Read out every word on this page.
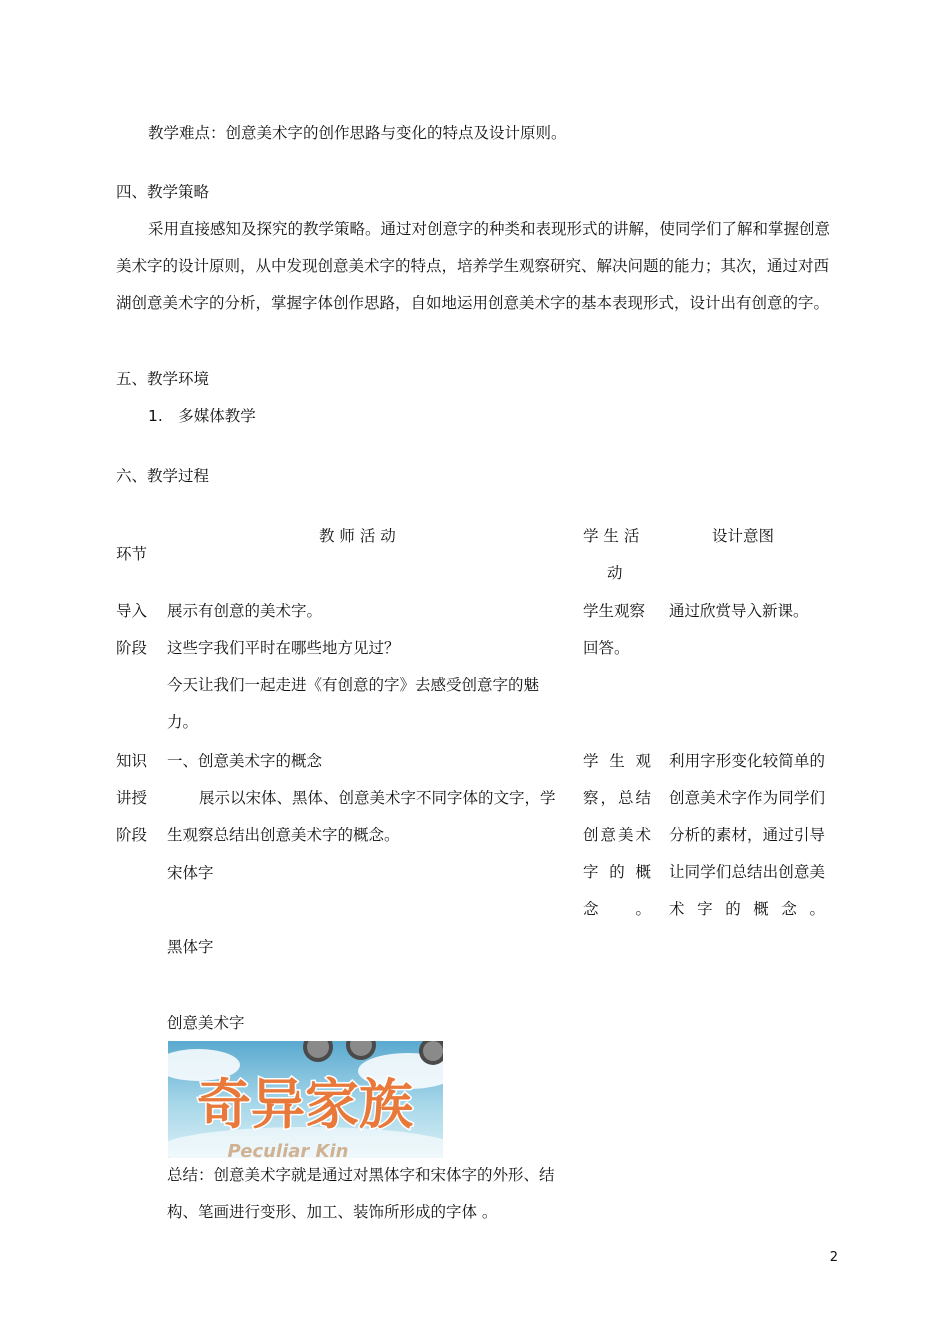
教学难点：创意美术字的创作思路与变化的特点及设计原则。
四、教学策略

采用直接感知及探究的教学策略。通过对创意字的种类和表现形式的讲解，使同学们了解和掌握创意美术字的设计原则，从中发现创意美术字的特点，培养学生观察研究、解决问题的能力；其次，通过对西湖创意美术字的分析，掌握字体创作思路，自如地运用创意美术字的基本表现形式，设计出有创意的字。

五、教学环境
1.　多媒体教学
六、教学过程
环节
教 师 活 动	学 生 活
动
设计意图
导入
阶段
展示有创意的美术字。
这些字我们平时在哪些地方见过？
今天让我们一起走进《有创意的字》去感受创意字的魅力。
学生观察
回答。
通过欣赏导入新课。
知识
讲授
阶段
一、创意美术字的概念
展示以宋体、黑体、创意美术字不同字体的文字，学生观察总结出创意美术字的概念。
宋体字
黑体字
创意美术字
奇异家族
Peculiar Kin
总结：创意美术字就是通过对黑体字和宋体字的外形、结构、笔画进行变形、加工、装饰所形成的字体 。
学生观察，总结创意美术字的概念。
利用字形变化较简单的创意美术字作为同学们分析的素材，通过引导让同学们总结出创意美术字的概念。
2
